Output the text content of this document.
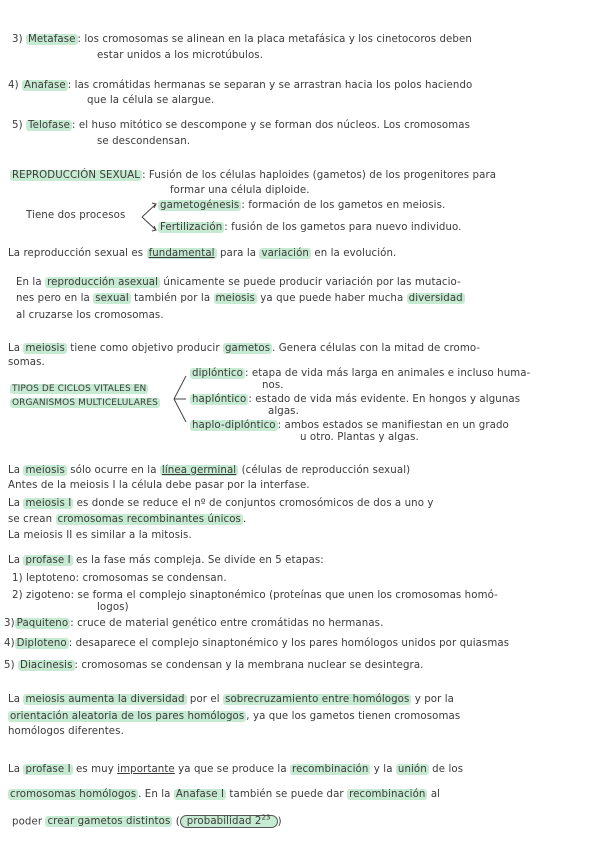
3) Metafase : los cromosomas se alinean en la placa metafásica y los cinetocoros deben
estar unidos a los microtúbulos.
4) Anafase : las cromátidas hermanas se separan y se arrastran hacia los polos haciendo
que la célula se alargue.
5) Telofase : el huso mitótico se descompone y se forman dos núcleos. Los cromosomas
se descondensan.
REPRODUCCIÓN SEXUAL : Fusión de los células haploides (gametos) de los progenitores para
formar una célula diploide.
Tiene dos procesos
gametogénesis : formación de los gametos en meiosis.
Fertilización : fusión de los gametos para nuevo individuo.
La reproducción sexual es fundamental para la variación en la evolución.
En la reproducción asexual únicamente se puede producir variación por las mutacio-
nes pero en la sexual también por la meiosis ya que puede haber mucha diversidad
al cruzarse los cromosomas.
La meiosis tiene como objetivo producir gametos . Genera células con la mitad de cromo-
somas.
TIPOS DE CICLOS VITALES EN
ORGANISMOS MULTICELULARES
diplóntico : etapa de vida más larga en animales e incluso huma-
nos.
haplóntico : estado de vida más evidente. En hongos y algunas
algas.
haplo-diplóntico : ambos estados se manifiestan en un grado
u otro. Plantas y algas.
La meiosis sólo ocurre en la línea germinal (células de reproducción sexual)
Antes de la meiosis I la célula debe pasar por la interfase.
La meiosis I es donde se reduce el nº de conjuntos cromosómicos de dos a uno y
se crean cromosomas recombinantes únicos .
La meiosis II es similar a la mitosis.
La profase I es la fase más compleja. Se divide en 5 etapas:
1) leptoteno: cromosomas se condensan.
2) zigoteno: se forma el complejo sinaptonémico (proteínas que unen los cromosomas homó-
logos)
3) Paquiteno : cruce de material genético entre cromátidas no hermanas.
4) Diploteno : desaparece el complejo sinaptonémico y los pares homólogos unidos por quiasmas
5) Diacinesis : cromosomas se condensan y la membrana nuclear se desintegra.
La meiosis aumenta la diversidad por el sobrecruzamiento entre homólogos y por la
orientación aleatoria de los pares homólogos , ya que los gametos tienen cromosomas
homólogos diferentes.
La profase I es muy importante ya que se produce la recombinación y la unión de los
cromosomas homólogos . En la Anafase I también se puede dar recombinación al
poder crear gametos distintos ( probabilidad $2^{23}$ )
